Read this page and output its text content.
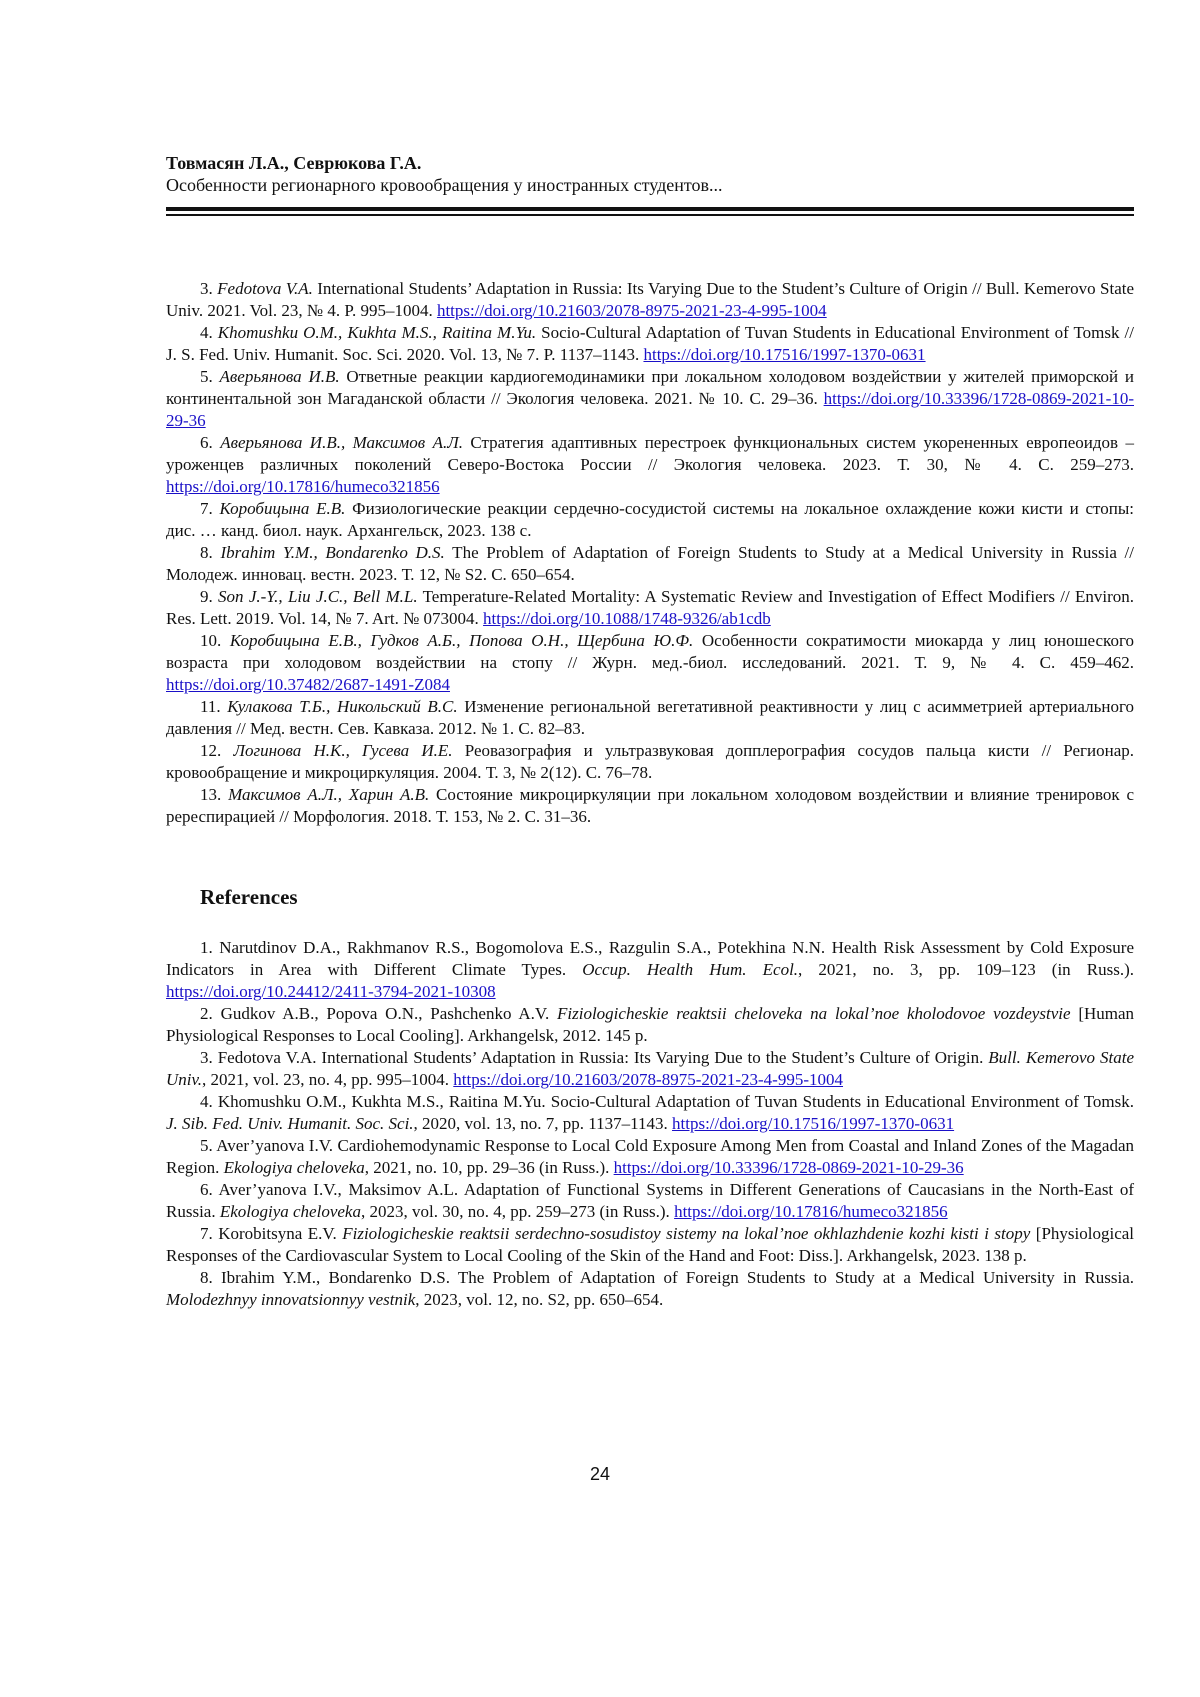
Товмасян Л.А., Севрюкова Г.А.
Особенности регионарного кровообращения у иностранных студентов...

3. Fedotova V.A. International Students’ Adaptation in Russia: Its Varying Due to the Student’s Culture of Origin // Bull. Kemerovo State Univ. 2021. Vol. 23, № 4. P. 995–1004. https://doi.org/10.21603/2078-8975-2021-23-4-995-1004

4. Khomushku O.M., Kukhta M.S., Raitina M.Yu. Socio-Cultural Adaptation of Tuvan Students in Educational Environment of Tomsk // J. S. Fed. Univ. Humanit. Soc. Sci. 2020. Vol. 13, № 7. P. 1137–1143. https://doi.org/10.17516/1997-1370-0631

5. Аверьянова И.В. Ответные реакции кардиогемодинамики при локальном холодовом воздействии у жителей приморской и континентальной зон Магаданской области // Экология человека. 2021. № 10. С. 29–36. https://doi.org/10.33396/1728-0869-2021-10-29-36

6. Аверьянова И.В., Максимов А.Л. Стратегия адаптивных перестроек функциональных систем укорененных европеоидов – уроженцев различных поколений Северо-Востока России // Экология человека. 2023. Т. 30, № 4. С. 259–273. https://doi.org/10.17816/humeco321856

7. Коробицына Е.В. Физиологические реакции сердечно-сосудистой системы на локальное охлаждение кожи кисти и стопы: дис. … канд. биол. наук. Архангельск, 2023. 138 с.

8. Ibrahim Y.M., Bondarenko D.S. The Problem of Adaptation of Foreign Students to Study at a Medical University in Russia // Молодеж. инновац. вестн. 2023. Т. 12, № S2. С. 650–654.

9. Son J.-Y., Liu J.C., Bell M.L. Temperature-Related Mortality: A Systematic Review and Investigation of Effect Modifiers // Environ. Res. Lett. 2019. Vol. 14, № 7. Art. № 073004. https://doi.org/10.1088/1748-9326/ab1cdb

10. Коробицына Е.В., Гудков А.Б., Попова О.Н., Щербина Ю.Ф. Особенности сократимости миокарда у лиц юношеского возраста при холодовом воздействии на стопу // Журн. мед.-биол. исследований. 2021. Т. 9, № 4. С. 459–462. https://doi.org/10.37482/2687-1491-Z084

11. Кулакова Т.Б., Никольский В.С. Изменение региональной вегетативной реактивности у лиц с асимметрией артериального давления // Мед. вестн. Сев. Кавказа. 2012. № 1. С. 82–83.

12. Логинова Н.К., Гусева И.Е. Реовазография и ультразвуковая допплерография сосудов пальца кисти // Регионар. кровообращение и микроциркуляция. 2004. Т. 3, № 2(12). С. 76–78.

13. Максимов А.Л., Харин А.В. Состояние микроциркуляции при локальном холодовом воздействии и влияние тренировок с ререспирацией // Морфология. 2018. Т. 153, № 2. С. 31–36.

References

1. Narutdinov D.A., Rakhmanov R.S., Bogomolova E.S., Razgulin S.A., Potekhina N.N. Health Risk Assessment by Cold Exposure Indicators in Area with Different Climate Types. Occup. Health Hum. Ecol., 2021, no. 3, pp. 109–123 (in Russ.). https://doi.org/10.24412/2411-3794-2021-10308

2. Gudkov A.B., Popova O.N., Pashchenko A.V. Fiziologicheskie reaktsii cheloveka na lokal’noe kholodovoe vozdeystvie [Human Physiological Responses to Local Cooling]. Arkhangelsk, 2012. 145 p.

3. Fedotova V.A. International Students’ Adaptation in Russia: Its Varying Due to the Student’s Culture of Origin. Bull. Kemerovo State Univ., 2021, vol. 23, no. 4, pp. 995–1004. https://doi.org/10.21603/2078-8975-2021-23-4-995-1004

4. Khomushku O.M., Kukhta M.S., Raitina M.Yu. Socio-Cultural Adaptation of Tuvan Students in Educational Environment of Tomsk. J. Sib. Fed. Univ. Humanit. Soc. Sci., 2020, vol. 13, no. 7, pp. 1137–1143. https://doi.org/10.17516/1997-1370-0631

5. Aver’yanova I.V. Cardiohemodynamic Response to Local Cold Exposure Among Men from Coastal and Inland Zones of the Magadan Region. Ekologiya cheloveka, 2021, no. 10, pp. 29–36 (in Russ.). https://doi.org/10.33396/1728-0869-2021-10-29-36

6. Aver’yanova I.V., Maksimov A.L. Adaptation of Functional Systems in Different Generations of Caucasians in the North-East of Russia. Ekologiya cheloveka, 2023, vol. 30, no. 4, pp. 259–273 (in Russ.). https://doi.org/10.17816/humeco321856

7. Korobitsyna E.V. Fiziologicheskie reaktsii serdechno-sosudistoy sistemy na lokal’noe okhlazhdenie kozhi kisti i stopy [Physiological Responses of the Cardiovascular System to Local Cooling of the Skin of the Hand and Foot: Diss.]. Arkhangelsk, 2023. 138 p.

8. Ibrahim Y.M., Bondarenko D.S. The Problem of Adaptation of Foreign Students to Study at a Medical University in Russia. Molodezhnyy innovatsionnyy vestnik, 2023, vol. 12, no. S2, pp. 650–654.

24
